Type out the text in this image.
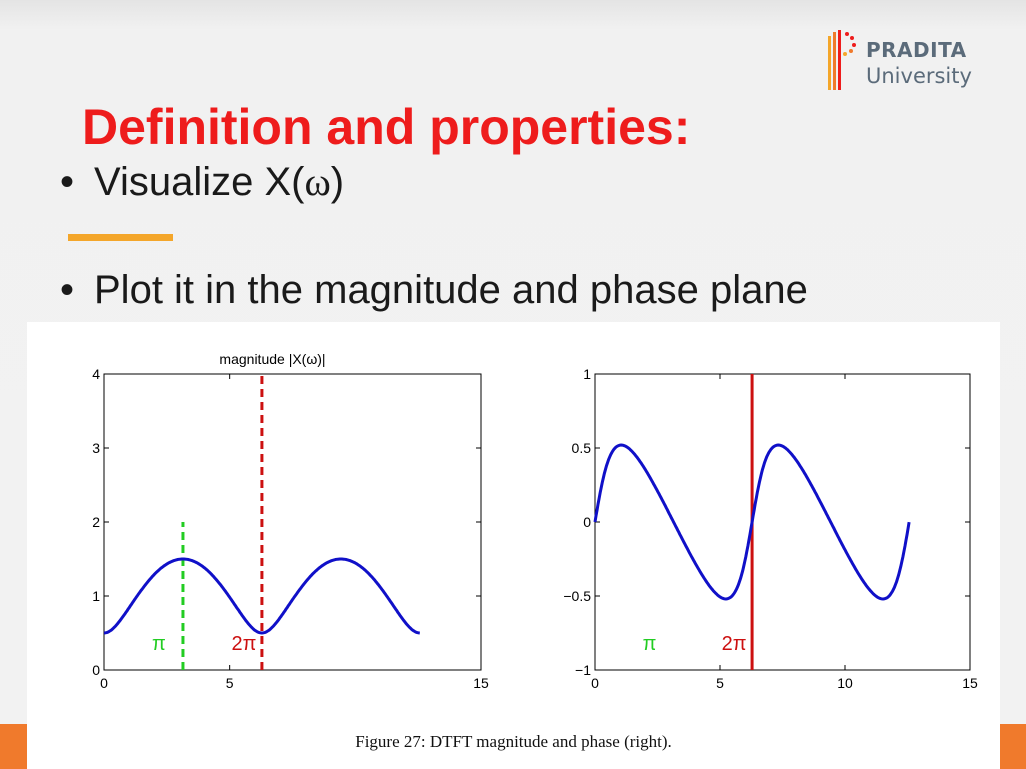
PRADITA
University
Definition and properties:
• Visualize X(ω)
• Plot it in the magnitude and phase plane
0
1
2
3
4
0	5	15
magnitude |X(ω)|
π	2π
−1
−0.5
0
0.5
1
0	5	10	15
π	2π
Figure 27: DTFT magnitude and phase (right).
